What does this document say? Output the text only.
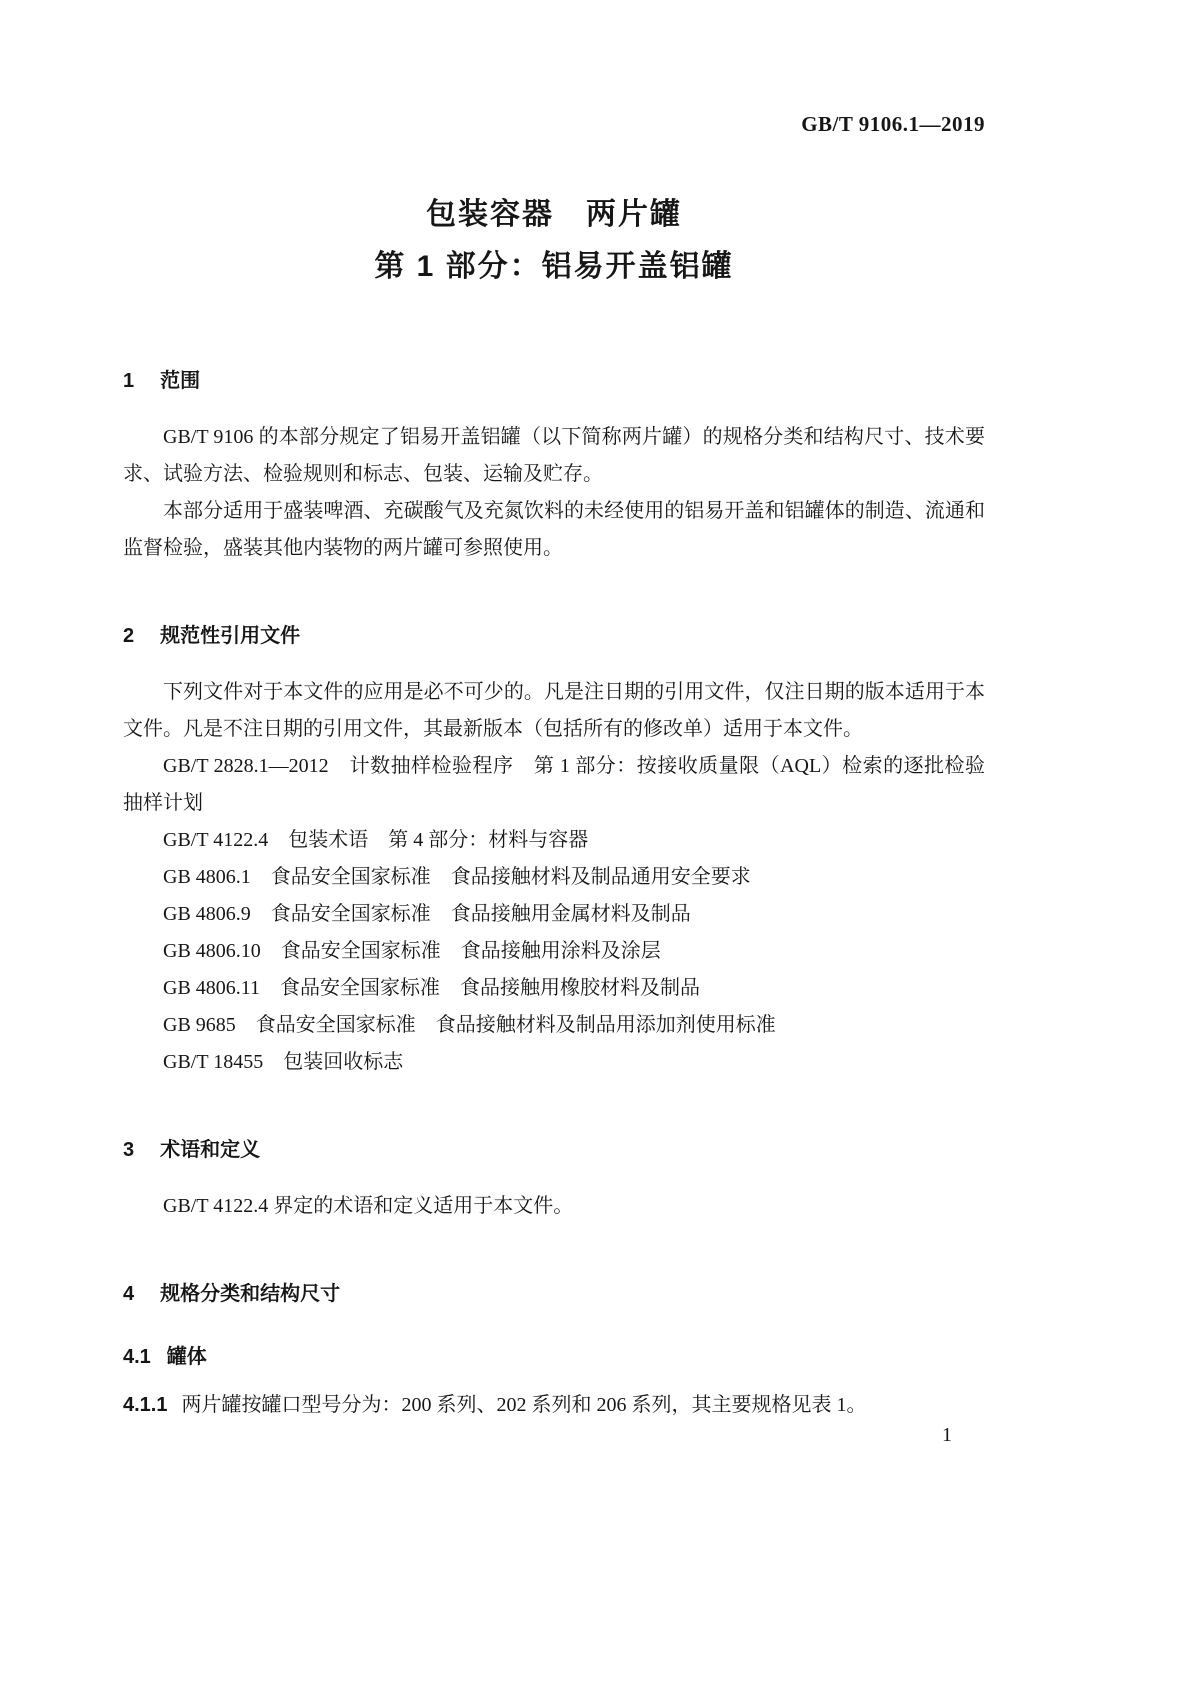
GB/T 9106.1—2019
包装容器　两片罐
第 1 部分：铝易开盖铝罐
1 范围

GB/T 9106 的本部分规定了铝易开盖铝罐（以下简称两片罐）的规格分类和结构尺寸、技术要求、试验方法、检验规则和标志、包装、运输及贮存。

本部分适用于盛装啤酒、充碳酸气及充氮饮料的未经使用的铝易开盖和铝罐体的制造、流通和监督检验，盛装其他内装物的两片罐可参照使用。

2 规范性引用文件

下列文件对于本文件的应用是必不可少的。凡是注日期的引用文件，仅注日期的版本适用于本文件。凡是不注日期的引用文件，其最新版本（包括所有的修改单）适用于本文件。

GB/T 2828.1—2012　计数抽样检验程序　第 1 部分：按接收质量限（AQL）检索的逐批检验抽样计划

GB/T 4122.4　包装术语　第 4 部分：材料与容器

GB 4806.1　食品安全国家标准　食品接触材料及制品通用安全要求

GB 4806.9　食品安全国家标准　食品接触用金属材料及制品

GB 4806.10　食品安全国家标准　食品接触用涂料及涂层

GB 4806.11　食品安全国家标准　食品接触用橡胶材料及制品

GB 9685　食品安全国家标准　食品接触材料及制品用添加剂使用标准

GB/T 18455　包装回收标志

3 术语和定义

GB/T 4122.4 界定的术语和定义适用于本文件。

4 规格分类和结构尺寸
4.1 罐体

4.1.1 两片罐按罐口型号分为：200 系列、202 系列和 206 系列，其主要规格见表 1。

1
